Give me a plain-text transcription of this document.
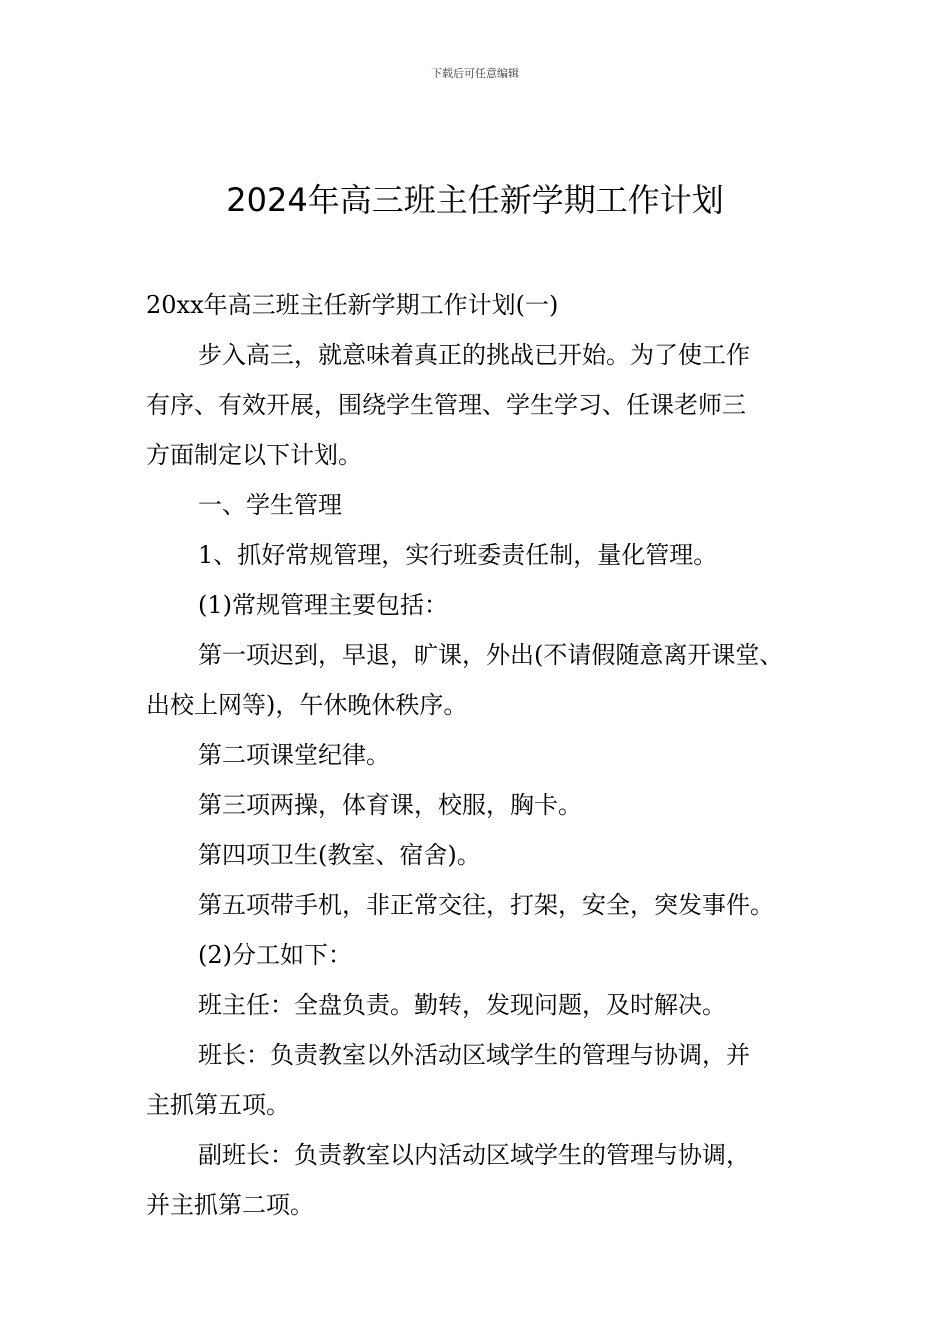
下载后可任意编辑
2024年高三班主任新学期工作计划

20xx年高三班主任新学期工作计划(一)

步入高三，就意味着真正的挑战已开始。为了使工作

有序、有效开展，围绕学生管理、学生学习、任课老师三

方面制定以下计划。

一、学生管理

1、抓好常规管理，实行班委责任制，量化管理。

(1)常规管理主要包括：

第一项迟到，早退，旷课，外出(不请假随意离开课堂、

出校上网等)，午休晚休秩序。

第二项课堂纪律。

第三项两操，体育课，校服，胸卡。

第四项卫生(教室、宿舍)。

第五项带手机，非正常交往，打架，安全，突发事件。

(2)分工如下：

班主任：全盘负责。勤转，发现问题，及时解决。

班长：负责教室以外活动区域学生的管理与协调，并

主抓第五项。

副班长：负责教室以内活动区域学生的管理与协调，

并主抓第二项。
